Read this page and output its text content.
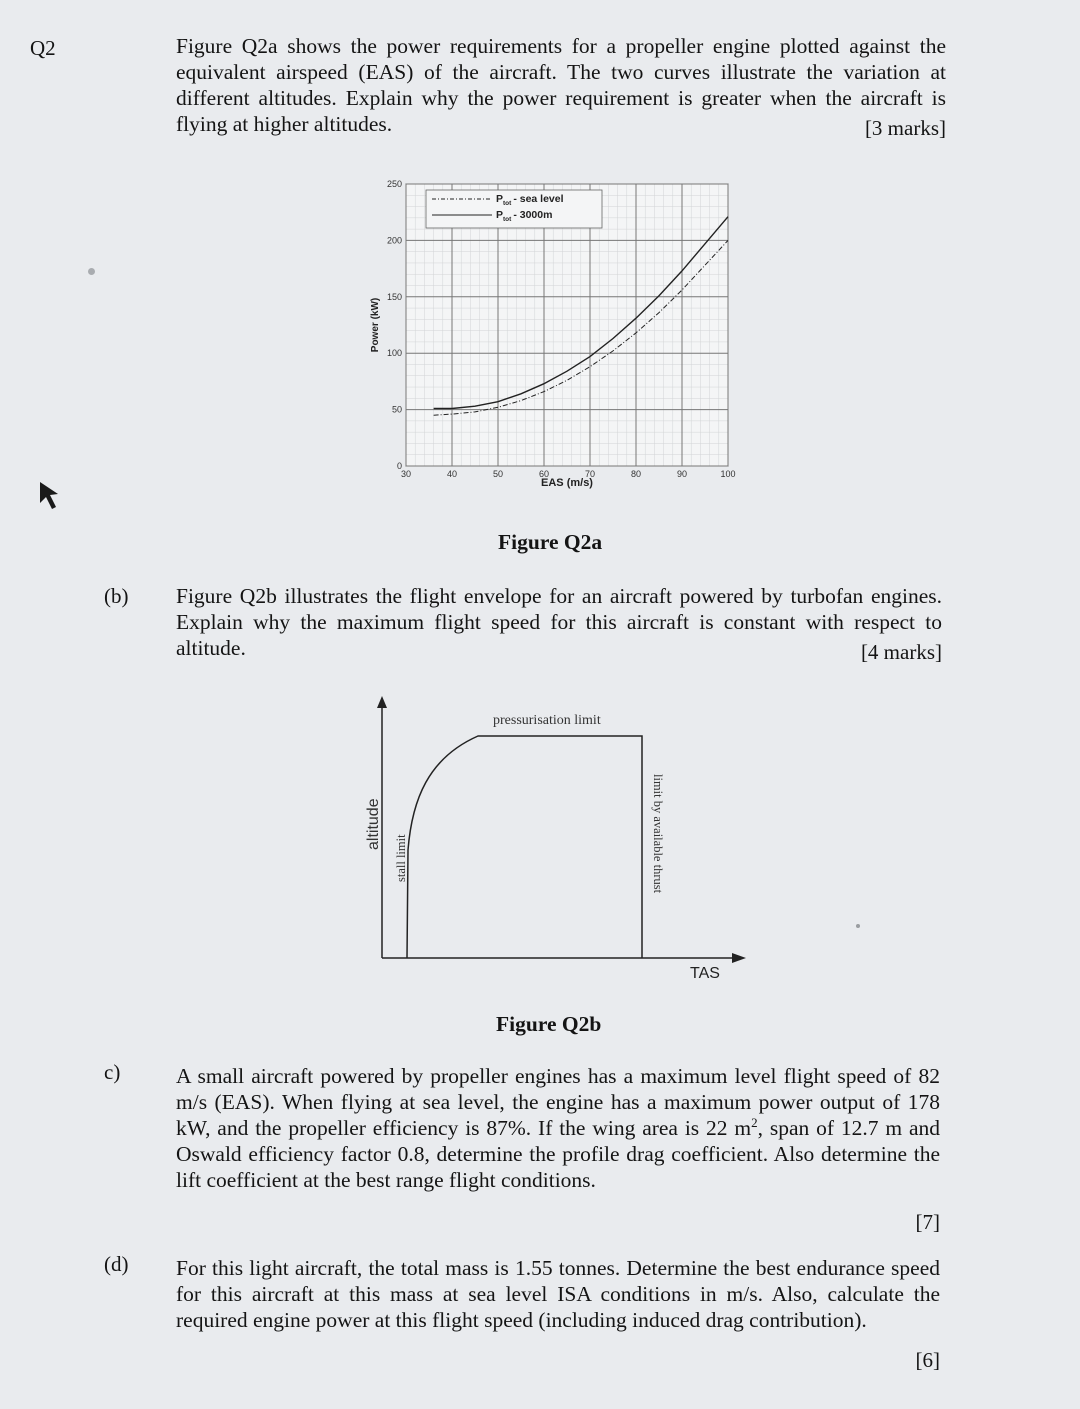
Q2	Figure Q2a shows the power requirements for a propeller engine plotted against the equivalent airspeed (EAS) of the aircraft. The two curves illustrate the variation at different altitudes. Explain why the power requirement is greater when the aircraft is flying at higher altitudes.	[3 marks]
30	40	50	60	70	80	90	100
0
50
100
150
200
250
EAS (m/s)
Power (kW)
$P_{tot}$ - sea level
$P_{tot} - 3000m$
Figure Q2a
(b) Figure Q2b illustrates the flight envelope for an aircraft powered by turbofan engines. Explain why the maximum flight speed for this aircraft is constant with respect to altitude.	[4 marks]
altitude
TAS
pressurisation limit
stall limit	limit by available thrust
Figure Q2b
c)	A small aircraft powered by propeller engines has a maximum level flight speed of 82 m/s (EAS). When flying at sea level, the engine has a maximum power output of 178 kW, and the propeller efficiency is 87%. If the wing area is 22 $m^2$, span of 12.7 m and Oswald efficiency factor 0.8, determine the profile drag coefficient. Also determine the lift coefficient at the best range flight conditions.
[7]
(d) For this light aircraft, the total mass is 1.55 tonnes. Determine the best endurance speed for this aircraft at this mass at sea level ISA conditions in m/s. Also, calculate the required engine power at this flight speed (including induced drag contribution).
[6]
